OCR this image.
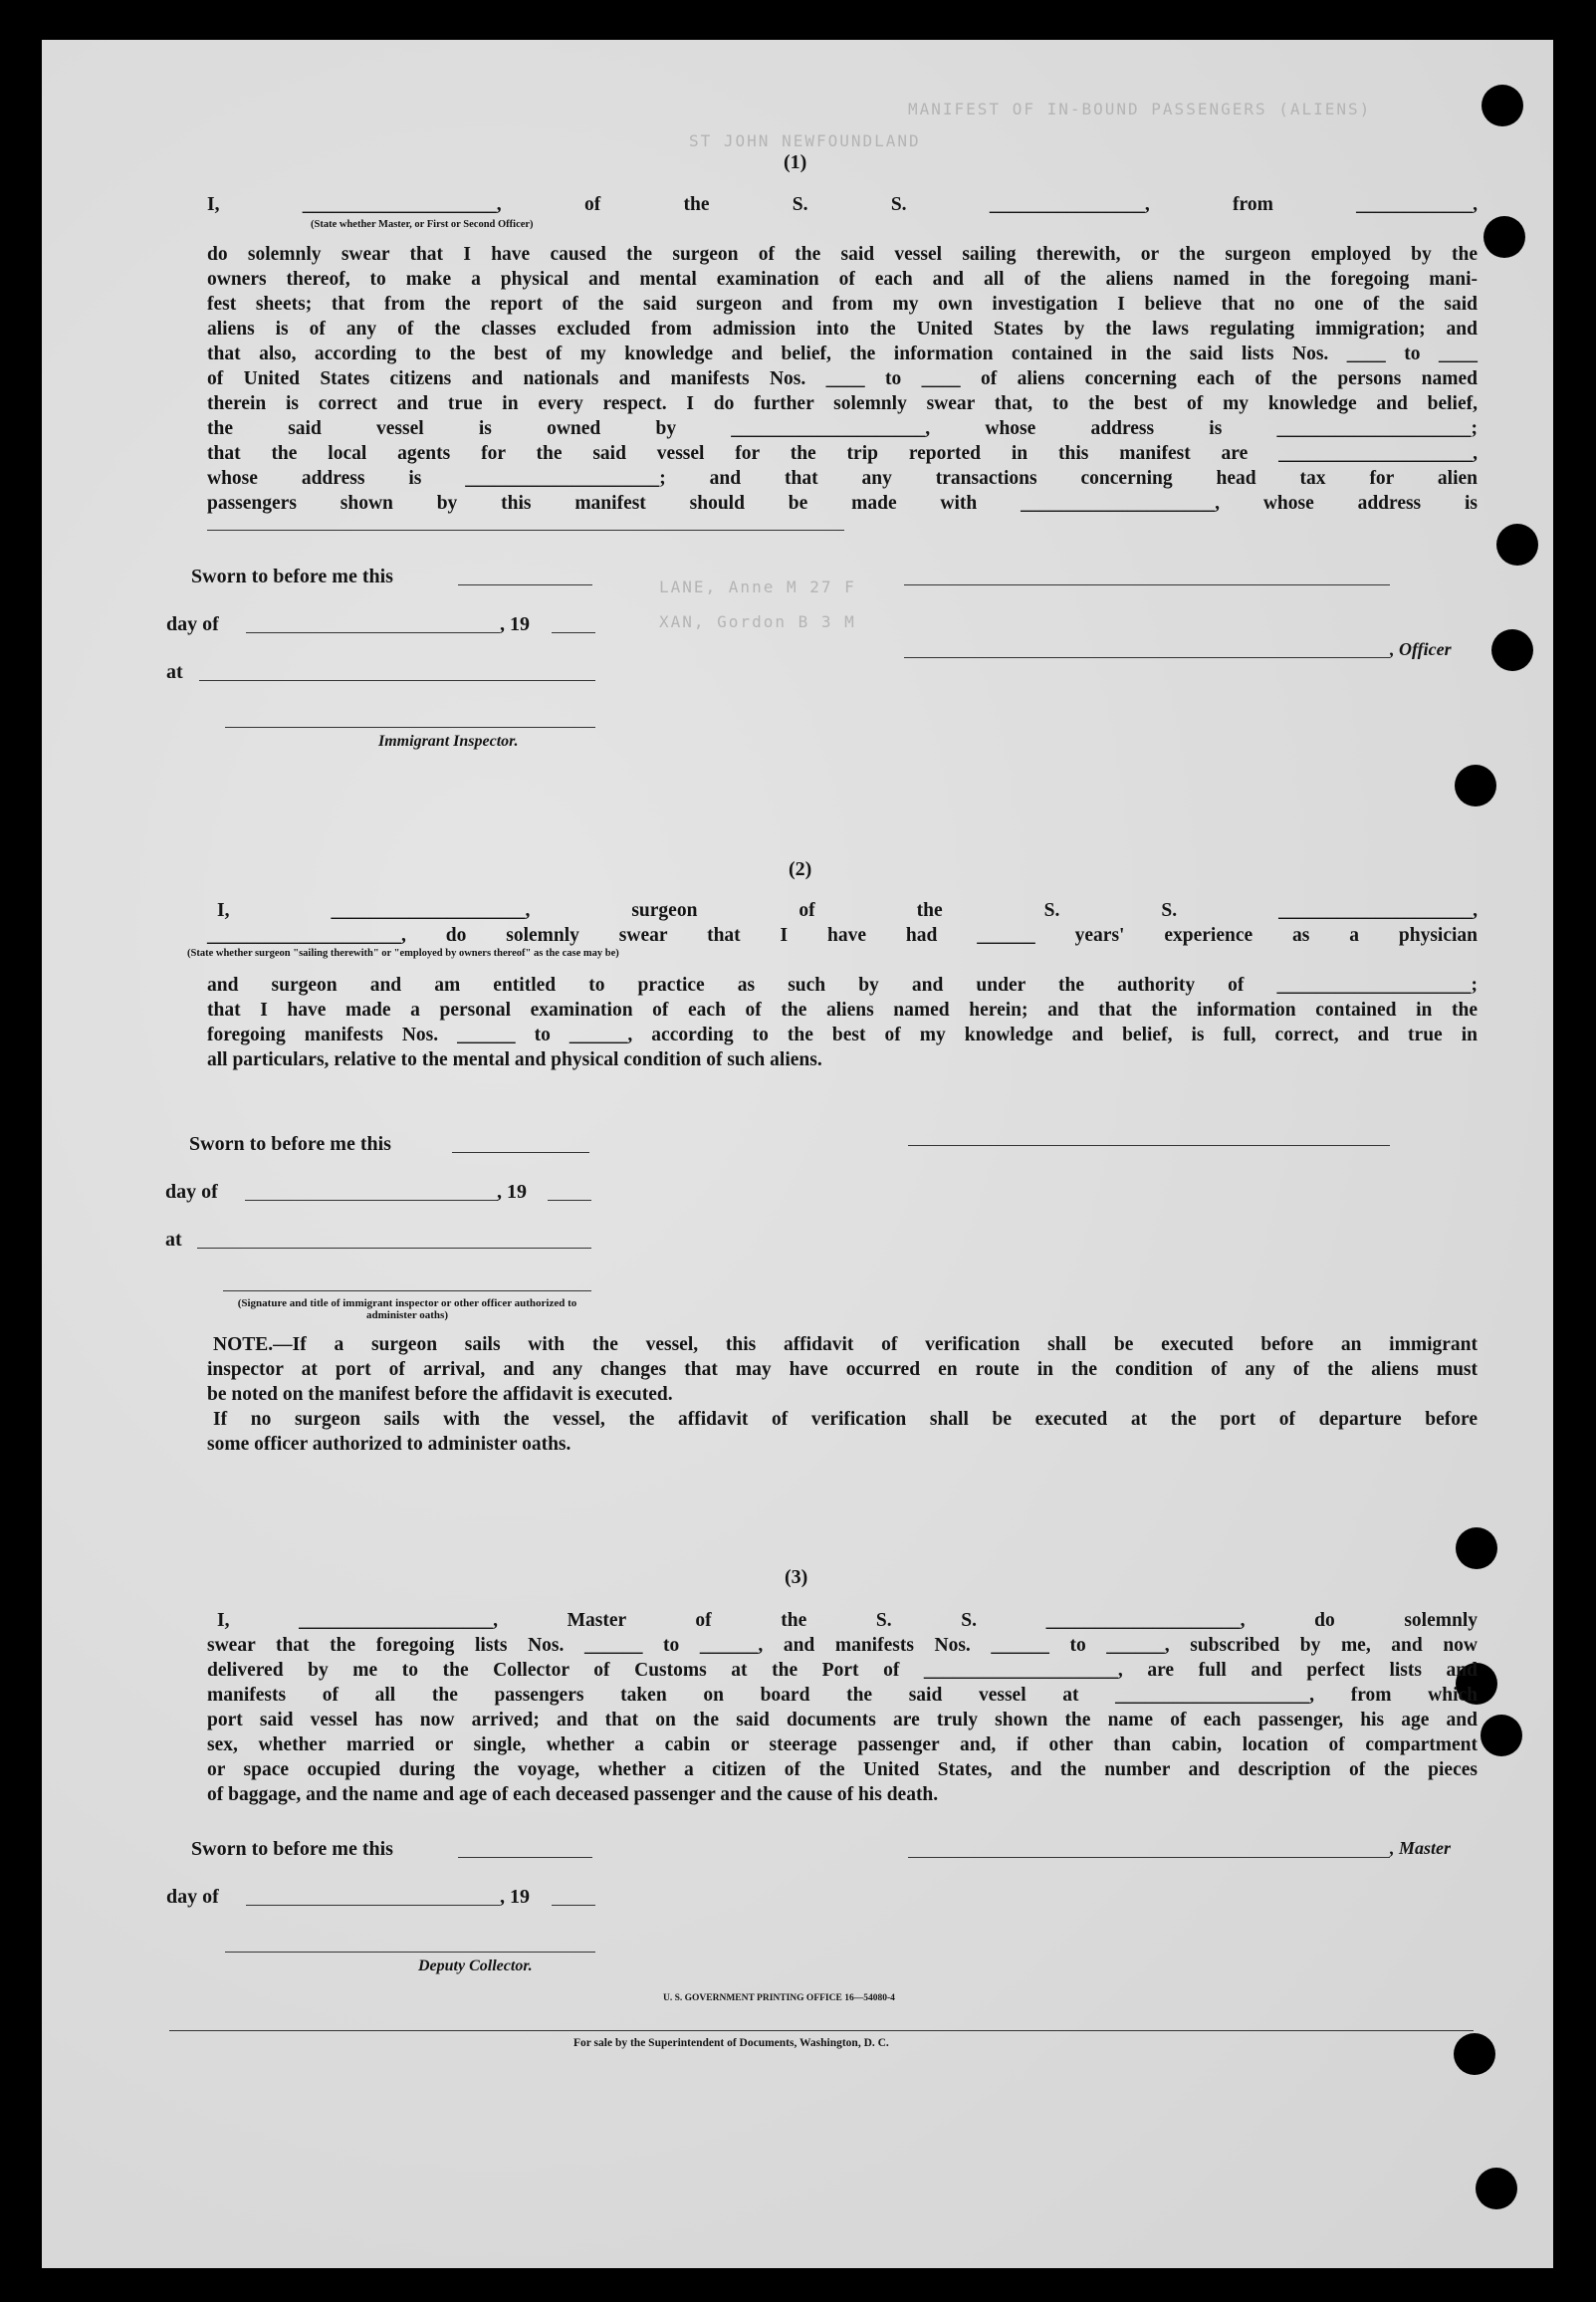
MANIFEST OF IN-BOUND PASSENGERS (ALIENS)
ST JOHN NEWFOUNDLAND
LANE, Anne M 27 F
XAN, Gordon B 3 M
(1)

I, ____________________, of the S. S. ________________, from ____________,

(State whether Master, or First or Second Officer)

do solemnly swear that I have caused the surgeon of the said vessel sailing therewith, or the surgeon employed by the

owners thereof, to make a physical and mental examination of each and all of the aliens named in the foregoing mani-

fest sheets; that from the report of the said surgeon and from my own investigation I believe that no one of the said

aliens is of any of the classes excluded from admission into the United States by the laws regulating immigration; and

that also, according to the best of my knowledge and belief, the information contained in the said lists Nos. ____ to ____

of United States citizens and nationals and manifests Nos. ____ to ____ of aliens concerning each of the persons named

therein is correct and true in every respect. I do further solemnly swear that, to the best of my knowledge and belief,

the said vessel is owned by ____________________, whose address is ____________________;

that the local agents for the said vessel for the trip reported in this manifest are ____________________,

whose address is ____________________; and that any transactions concerning head tax for alien

passengers shown by this manifest should be made with ____________________, whose address is

Sworn to before me this
day of	, 19
at
Immigrant Inspector.
, Officer
(2)

I, ____________________, surgeon of the S. S. ____________________,

____________________, do solemnly swear that I have had ______ years' experience as a physician

(State whether surgeon "sailing therewith" or "employed by owners thereof" as the case may be)

and surgeon and am entitled to practice as such by and under the authority of ____________________;

that I have made a personal examination of each of the aliens named herein; and that the information contained in the

foregoing manifests Nos. ______ to ______, according to the best of my knowledge and belief, is full, correct, and true in

all particulars, relative to the mental and physical condition of such aliens.

Sworn to before me this
day of	, 19
at
(Signature and title of immigrant inspector or other officer authorized to administer oaths)

NOTE.—If a surgeon sails with the vessel, this affidavit of verification shall be executed before an immigrant

inspector at port of arrival, and any changes that may have occurred en route in the condition of any of the aliens must

be noted on the manifest before the affidavit is executed.

If no surgeon sails with the vessel, the affidavit of verification shall be executed at the port of departure before

some officer authorized to administer oaths.

(3)

I, ____________________, Master of the S. S. ____________________, do solemnly

swear that the foregoing lists Nos. ______ to ______, and manifests Nos. ______ to ______, subscribed by me, and now

delivered by me to the Collector of Customs at the Port of ____________________, are full and perfect lists and

manifests of all the passengers taken on board the said vessel at ____________________, from which

port said vessel has now arrived; and that on the said documents are truly shown the name of each passenger, his age and

sex, whether married or single, whether a cabin or steerage passenger and, if other than cabin, location of compartment

or space occupied during the voyage, whether a citizen of the United States, and the number and description of the pieces

of baggage, and the name and age of each deceased passenger and the cause of his death.

Sworn to before me this	, Master
day of	, 19
Deputy Collector.
U. S. GOVERNMENT PRINTING OFFICE 16—54080-4
For sale by the Superintendent of Documents, Washington, D. C.
